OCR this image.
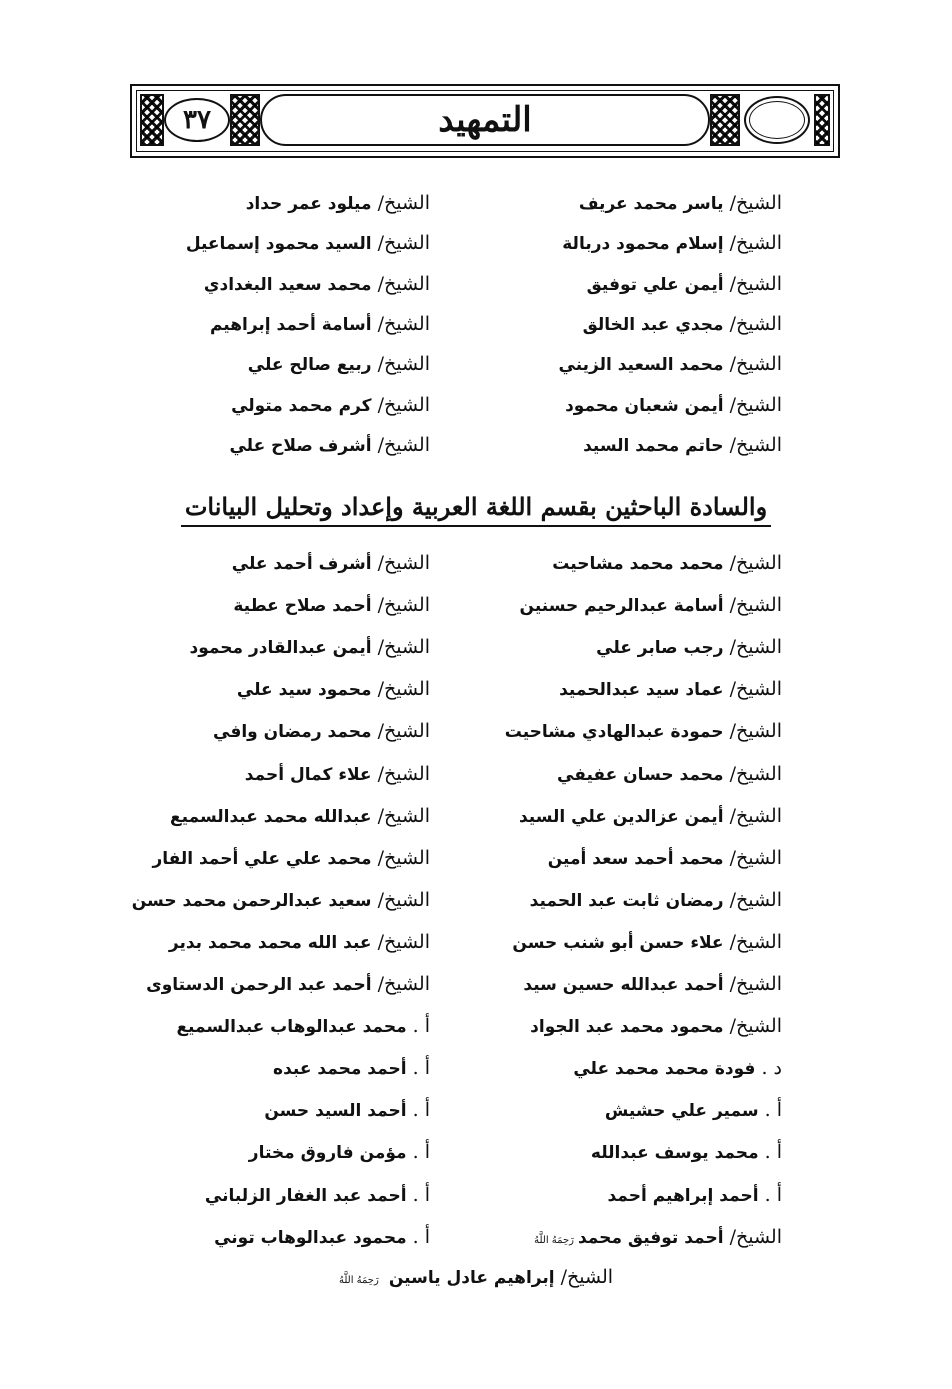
٣٧	التمهيد
الشيخ/ ياسر محمد عريف
الشيخ/ إسلام محمود دربالة
الشيخ/ أيمن علي توفيق
الشيخ/ مجدي عبد الخالق
الشيخ/ محمد السعيد الزيني
الشيخ/ أيمن شعبان محمود
الشيخ/ حاتم محمد السيد
الشيخ/ ميلود عمر حداد
الشيخ/ السيد محمود إسماعيل
الشيخ/ محمد سعيد البغدادي
الشيخ/ أسامة أحمد إبراهيم
الشيخ/ ربيع صالح علي
الشيخ/ كرم محمد متولي
الشيخ/ أشرف صلاح علي
والسادة الباحثين بقسم اللغة العربية وإعداد وتحليل البيانات
الشيخ/ محمد محمد مشاحيت
الشيخ/ أسامة عبدالرحيم حسنين
الشيخ/ رجب صابر علي
الشيخ/ عماد سيد عبدالحميد
الشيخ/ حمودة عبدالهادي مشاحيت
الشيخ/ محمد حسان عفيفي
الشيخ/ أيمن عزالدين علي السيد
الشيخ/ محمد أحمد سعد أمين
الشيخ/ رمضان ثابت عبد الحميد
الشيخ/ علاء حسن أبو شنب حسن
الشيخ/ أحمد عبدالله حسين سيد
الشيخ/ محمود محمد عبد الجواد
د . فودة محمد محمد علي
أ . سمير علي حشيش
أ . محمد يوسف عبدالله
أ . أحمد إبراهيم أحمد
الشيخ/ أحمد توفيق محمدرَحِمَهُ اللَّهُ
الشيخ/ أشرف أحمد علي
الشيخ/ أحمد صلاح عطية
الشيخ/ أيمن عبدالقادر محمود
الشيخ/ محمود سيد علي
الشيخ/ محمد رمضان وافي
الشيخ/ علاء كمال أحمد
الشيخ/ عبدالله محمد عبدالسميع
الشيخ/ محمد علي علي أحمد الفار
الشيخ/ سعيد عبدالرحمن محمد حسن
الشيخ/ عبد الله محمد محمد بدير
الشيخ/ أحمد عبد الرحمن الدستاوى
أ . محمد عبدالوهاب عبدالسميع
أ . أحمد محمد عبده
أ . أحمد السيد حسن
أ . مؤمن فاروق مختار
أ . أحمد عبد الغفار الزلباني
أ . محمود عبدالوهاب توني
الشيخ/ إبراهيم عادل ياسين رَحِمَهُ اللَّهُ
